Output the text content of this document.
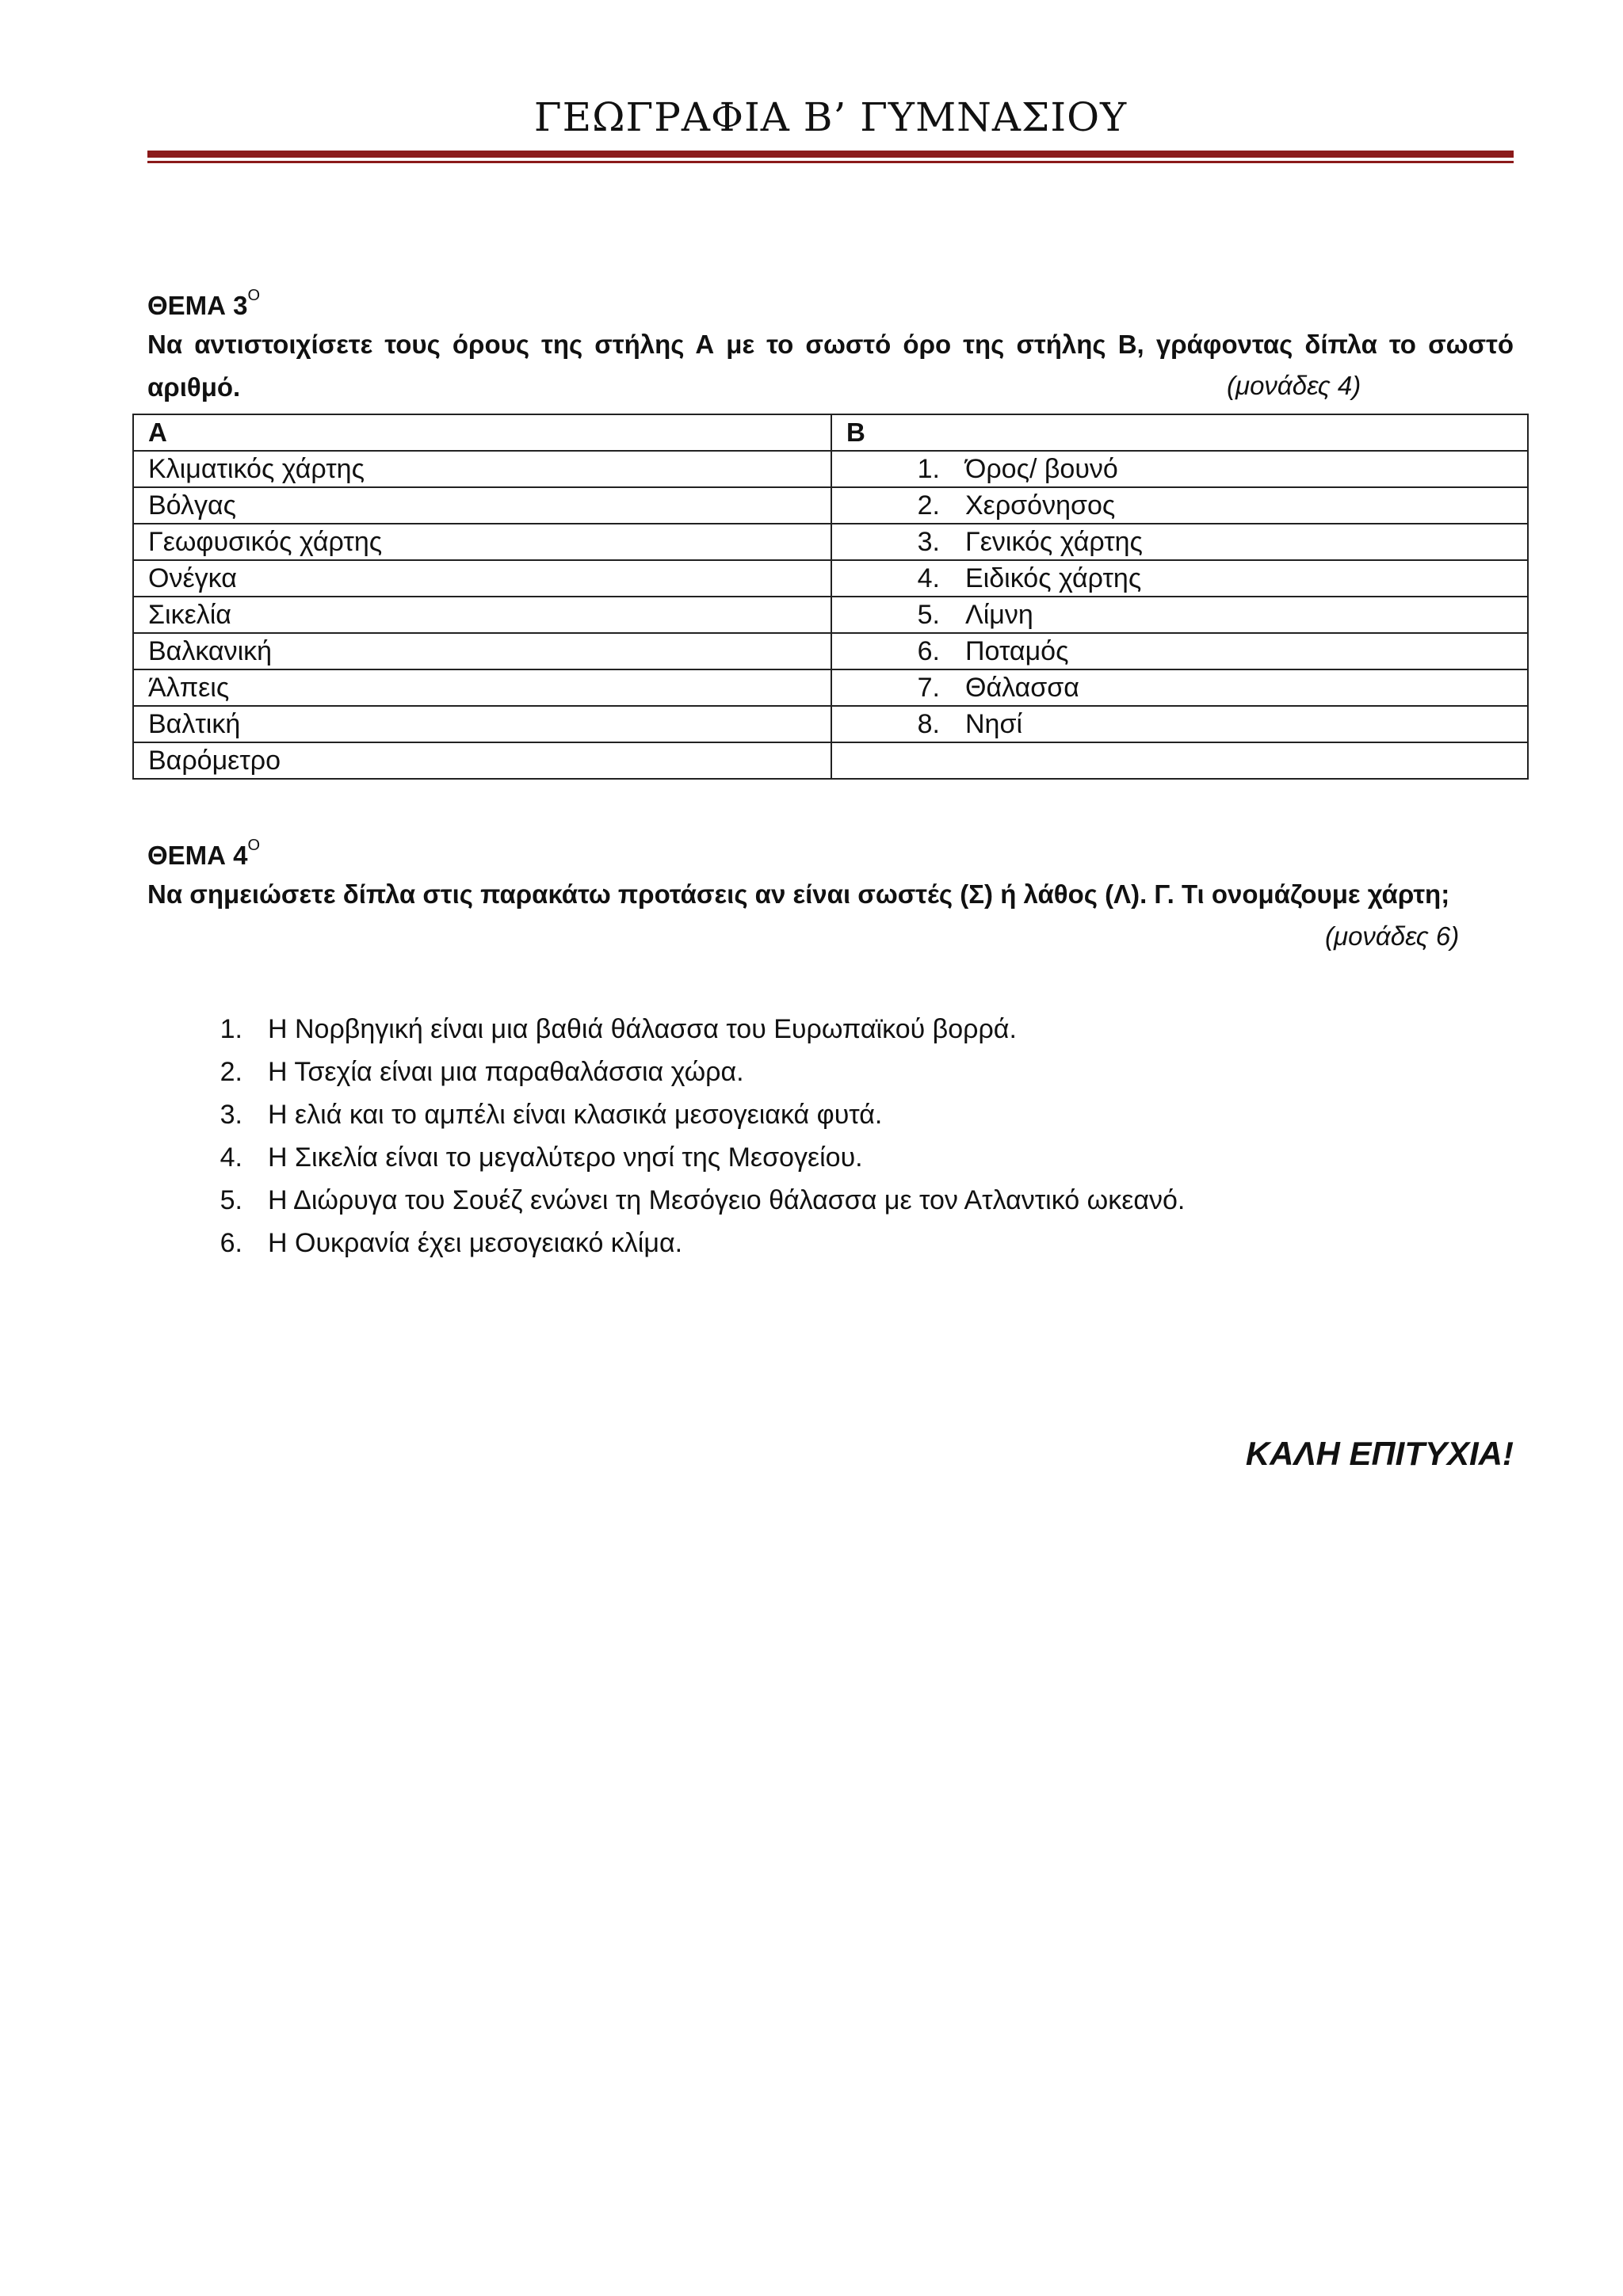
ΓΕΩΓΡΑΦΙΑ Β’ ΓΥΜΝΑΣΙΟΥ
ΘΕΜΑ $3^O$
Να αντιστοιχίσετε τους όρους της στήλης Α με το σωστό όρο της στήλης Β, γράφοντας δίπλα το σωστό αριθμό.	(μονάδες 4)
Α	Β
Κλιματικός χάρτης	1. Όρος/ βουνό
Βόλγας	2. Χερσόνησος
Γεωφυσικός χάρτης	3. Γενικός χάρτης
Ονέγκα	4. Ειδικός χάρτης
Σικελία	5. Λίμνη
Βαλκανική	6. Ποταμός
Άλπεις	7. Θάλασσα
Βαλτική	8. Νησί
Βαρόμετρο	
ΘΕΜΑ $4^O$
Να σημειώσετε δίπλα στις παρακάτω προτάσεις αν είναι σωστές (Σ) ή λάθος (Λ). Γ. Τι ονομάζουμε χάρτη;
(μονάδες 6)
1. Η Νορβηγική είναι μια βαθιά θάλασσα του Ευρωπαϊκού βορρά.
2. Η Τσεχία είναι μια παραθαλάσσια χώρα.
3. Η ελιά και το αμπέλι είναι κλασικά μεσογειακά φυτά.
4. Η Σικελία είναι το μεγαλύτερο νησί της Μεσογείου.
5. Η Διώρυγα του Σουέζ ενώνει τη Μεσόγειο θάλασσα με τον Ατλαντικό ωκεανό.
6. Η Ουκρανία έχει μεσογειακό κλίμα.
ΚΑΛΗ ΕΠΙΤΥΧΙΑ!
